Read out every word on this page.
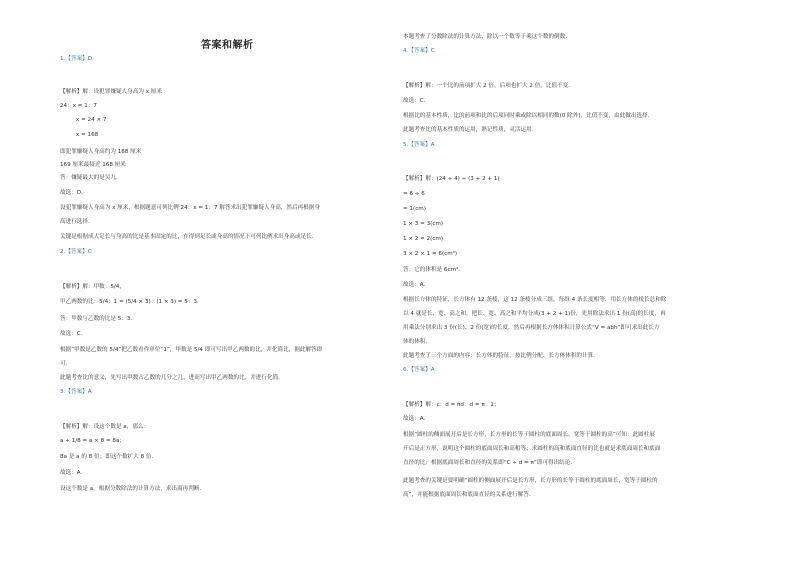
答案和解析
1.【答案】D
【解析】解：设犯罪嫌疑人身高为 x 厘米
24：x = 1：7
x = 24 × 7
x = 168
即犯罪嫌疑人身高约为 168 厘米
169 厘米最接近 168 厘米
答：嫌疑最大的是吴九．
故选：D．
设犯罪嫌疑人身高为 x 厘米，根据题意可列比例 24：x = 1：7 解答求出犯罪嫌疑人身高，然后再根据身
高进行选择．
关键是根据成人足长与身高的比是基本固定的比，在得到足长或身高的情况下可列比例求出身高或足长．
2.【答案】C
【解析】解：甲数：5/4，
甲乙两数的比：5/4：1 = (5/4 × 3)：(1 × 3) = 5：3．
答：甲数与乙数的比是 5：3．
故选：C．
根据“甲数是乙数的 5/4”把乙数看作单位“1”，甲数是 5/4 即可写出甲乙两数的比，并化简比，据此解答即
可．
此题考查比的意义，先写出甲数占乙数的几分之几，进而写出甲乙两数的比，并进行化简．
3.【答案】A
【解析】解：设这个数是 a，那么：
a ÷ 1/8 = a × 8 = 8a；
8a 是 a 的 8 倍；即这个数扩大 8 倍．
故选：A．
设这个数是 a，根据分数除法的计算方法，求出商再判断．
本题考查了分数除法的计算方法，除以一个数等于乘这个数的倒数．
4.【答案】C
【解析】解：一个比的前项扩大 2 倍，后项也扩大 2 倍，比值不变．
故选：C．
根据比的基本性质，比的前项和比的后项同时乘或除以相同的数(0 除外)，比值不变，由此做出选择．
此题考查比的基本性质的运用，熟记性质，灵活运用．
5.【答案】A
【解析】解：(24 ÷ 4) ÷ (3 + 2 + 1)
= 6 ÷ 6
= 1(cm)
1 × 3 = 3(cm)
1 × 2 = 2(cm)
3 × 2 × 1 = 6(cm³)
答：它的体积是 6cm³．
故选：A．
根据长方体的特征，长方体有 12 条棱，这 12 条棱分成三组，每组 4 条长度相等．用长方体的棱长总和除
以 4 就是长、宽、高之和，把长、宽、高之和平均分成(3 + 2 + 1)份，先用除法求出 1 份(高)的长度，再
用乘法分别求出 3 份(长)、2 份(宽)的长度，然后再根据长方体体积计算公式“V = abh”即可求出此长方
体的体积．
此题考查了三个方面的内容：长方体的特征、按比例分配、长方体体积的计算．
6.【答案】A
【解析】解：c：d = πd：d = π：1；
故选：A．
根据“圆柱的侧面展开后是长方形，长方形的长等于圆柱的底面周长，宽等于圆柱的高”可知：此圆柱展
开后是正方形，说明这个圆柱的底面周长和高相等；求圆柱的高和底面直径的比也就是求底面周长和底面
直径的比；根据底面周长和直径的关系即“C ÷ d = π”即可得出结论．
此题考查的关键是要明确“圆柱的侧面展开后是长方形，长方形的长等于圆柱的底面周长，宽等于圆柱的
高”，并能根据底面周长和底面直径的关系进行解答．
